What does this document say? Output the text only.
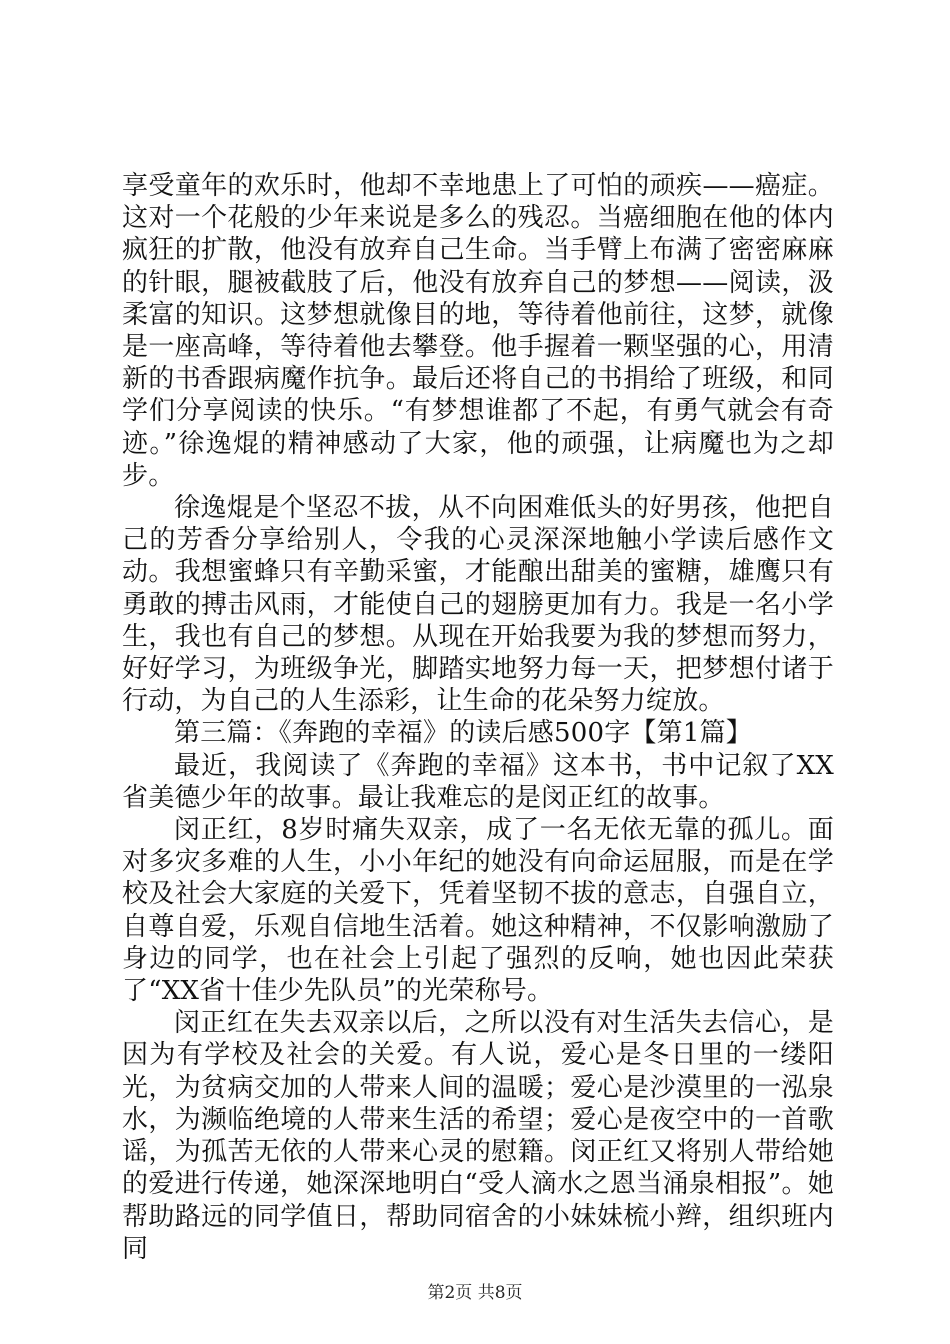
享受童年的欢乐时，他却不幸地患上了可怕的顽疾——癌症。这对一个花般的少年来说是多么的残忍。当癌细胞在他的体内疯狂的扩散，他没有放弃自己生命。当手臂上布满了密密麻麻的针眼，腿被截肢了后，他没有放弃自己的梦想——阅读，汲柔富的知识。这梦想就像目的地，等待着他前往，这梦，就像是一座高峰，等待着他去攀登。他手握着一颗坚强的心，用清新的书香跟病魔作抗争。最后还将自己的书捐给了班级，和同学们分享阅读的快乐。“有梦想谁都了不起，有勇气就会有奇迹。”徐逸焜的精神感动了大家，他的顽强，让病魔也为之却步。

徐逸焜是个坚忍不拔，从不向困难低头的好男孩，他把自己的芳香分享给别人，令我的心灵深深地触小学读后感作文动。我想蜜蜂只有辛勤采蜜，才能酿出甜美的蜜糖，雄鹰只有勇敢的搏击风雨，才能使自己的翅膀更加有力。我是一名小学生，我也有自己的梦想。从现在开始我要为我的梦想而努力，好好学习，为班级争光，脚踏实地努力每一天，把梦想付诸于行动，为自己的人生添彩，让生命的花朵努力绽放。

第三篇：《奔跑的幸福》的读后感500字【第1篇】

最近，我阅读了《奔跑的幸福》这本书，书中记叙了XX省美德少年的故事。最让我难忘的是闵正红的故事。

闵正红，8岁时痛失双亲，成了一名无依无靠的孤儿。面对多灾多难的人生，小小年纪的她没有向命运屈服，而是在学校及社会大家庭的关爱下，凭着坚韧不拔的意志，自强自立，自尊自爱，乐观自信地生活着。她这种精神，不仅影响激励了身边的同学，也在社会上引起了强烈的反响，她也因此荣获了“XX省十佳少先队员”的光荣称号。

闵正红在失去双亲以后，之所以没有对生活失去信心，是因为有学校及社会的关爱。有人说，爱心是冬日里的一缕阳光，为贫病交加的人带来人间的温暖；爱心是沙漠里的一泓泉水，为濒临绝境的人带来生活的希望；爱心是夜空中的一首歌谣，为孤苦无依的人带来心灵的慰籍。闵正红又将别人带给她的爱进行传递，她深深地明白“受人滴水之恩当涌泉相报”。她帮助路远的同学值日，帮助同宿舍的小妹妹梳小辫，组织班内同

第2页 共8页
